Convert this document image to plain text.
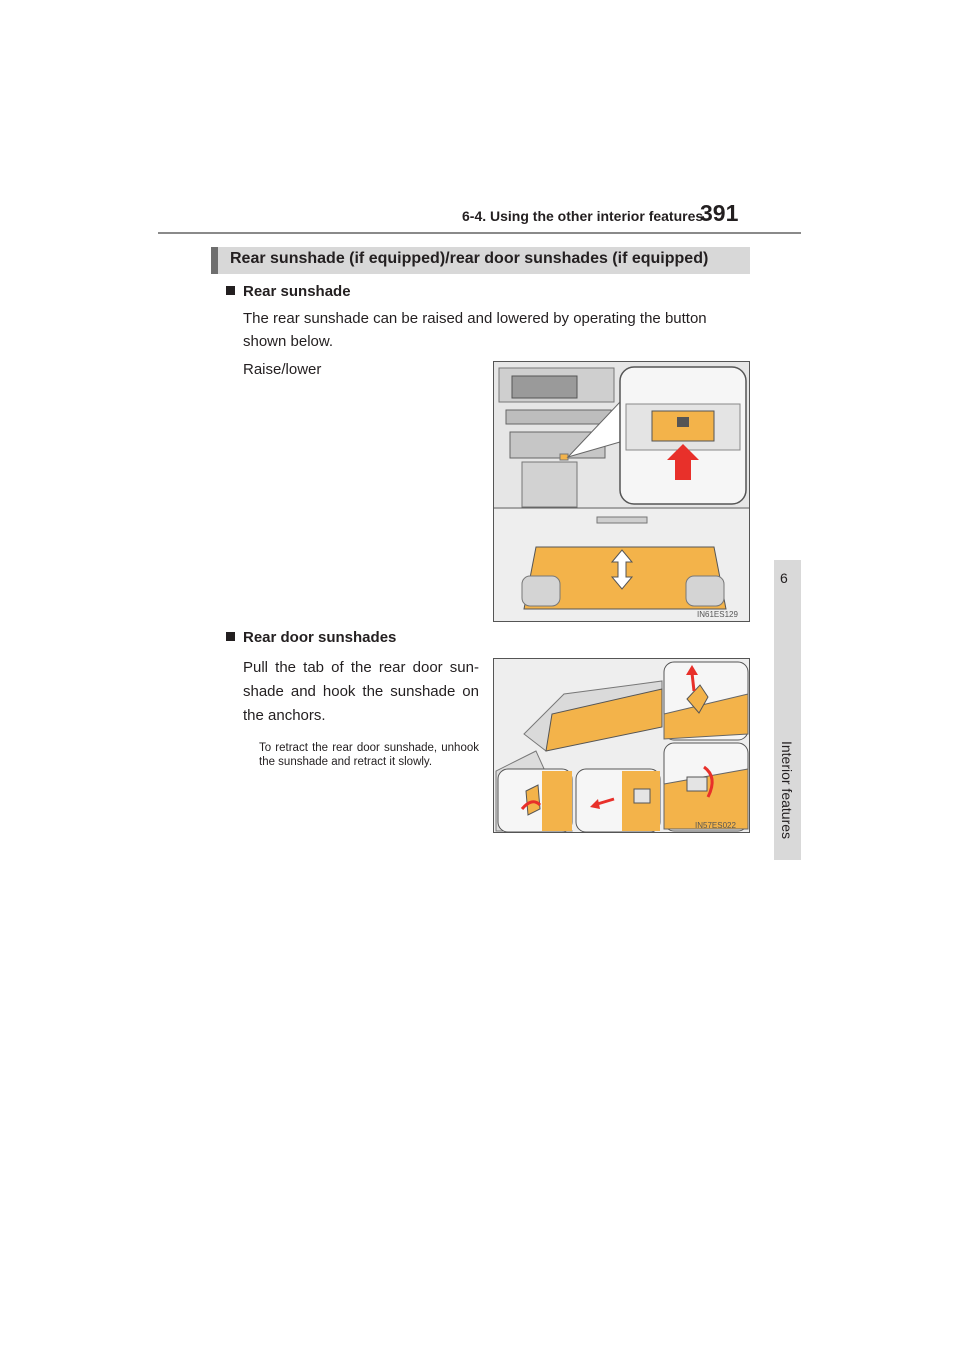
6-4. Using the other interior features
391
6
Interior features
Rear sunshade (if equipped)/rear door sunshades (if equipped)
Rear sunshade
The rear sunshade can be raised and lowered by operating the button shown below.
Raise/lower
IN61ES129
Rear door sunshades
Pull the tab of the rear door sun-shade and hook the sunshade on the anchors.
To retract the rear door sunshade, unhook the sunshade and retract it slowly.
IN57ES022
